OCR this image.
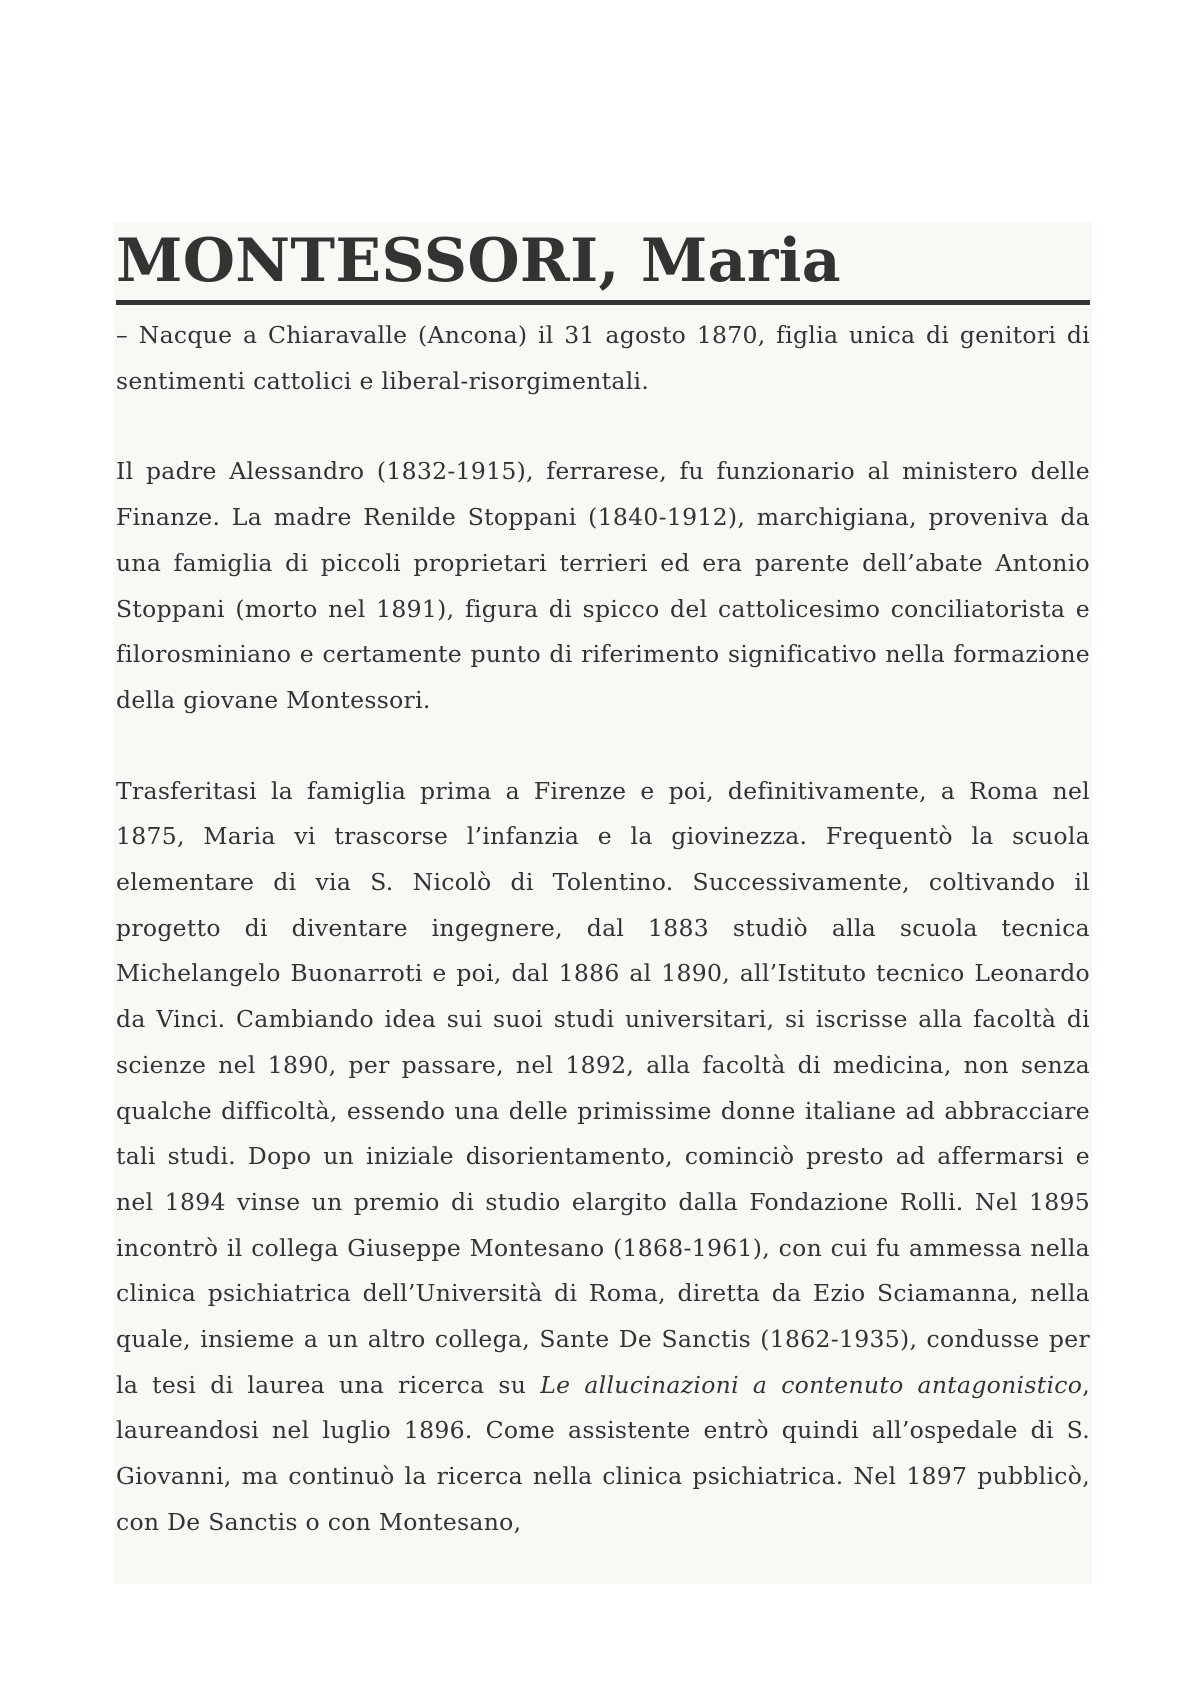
MONTESSORI, Maria

– Nacque a Chiaravalle (Ancona) il 31 agosto 1870, figlia unica di genitori di sentimenti cattolici e liberal-risorgimentali.

Il padre Alessandro (1832-1915), ferrarese, fu funzionario al ministero delle Finanze. La madre Renilde Stoppani (1840-1912), marchigiana, proveniva da una famiglia di piccoli proprietari terrieri ed era parente dell’abate Antonio Stoppani (morto nel 1891), figura di spicco del cattolicesimo conciliatorista e filorosminiano e certamente punto di riferimento significativo nella formazione della giovane Montessori.

Trasferitasi la famiglia prima a Firenze e poi, definitivamente, a Roma nel 1875, Maria vi trascorse l’infanzia e la giovinezza. Frequentò la scuola elementare di via S. Nicolò di Tolentino. Successivamente, coltivando il progetto di diventare ingegnere, dal 1883 studiò alla scuola tecnica Michelangelo Buonarroti e poi, dal 1886 al 1890, all’Istituto tecnico Leonardo da Vinci. Cambiando idea sui suoi studi universitari, si iscrisse alla facoltà di scienze nel 1890, per passare, nel 1892, alla facoltà di medicina, non senza qualche difficoltà, essendo una delle primissime donne italiane ad abbracciare tali studi. Dopo un iniziale disorientamento, cominciò presto ad affermarsi e nel 1894 vinse un premio di studio elargito dalla Fondazione Rolli. Nel 1895 incontrò il collega Giuseppe Montesano (1868-1961), con cui fu ammessa nella clinica psichiatrica dell’Università di Roma, diretta da Ezio Sciamanna, nella quale, insieme a un altro collega, Sante De Sanctis (1862-1935), condusse per la tesi di laurea una ricerca su Le allucinazioni a contenuto antagonistico, laureandosi nel luglio 1896. Come assistente entrò quindi all’ospedale di S. Giovanni, ma continuò la ricerca nella clinica psichiatrica. Nel 1897 pubblicò, con De Sanctis o con Montesano,
